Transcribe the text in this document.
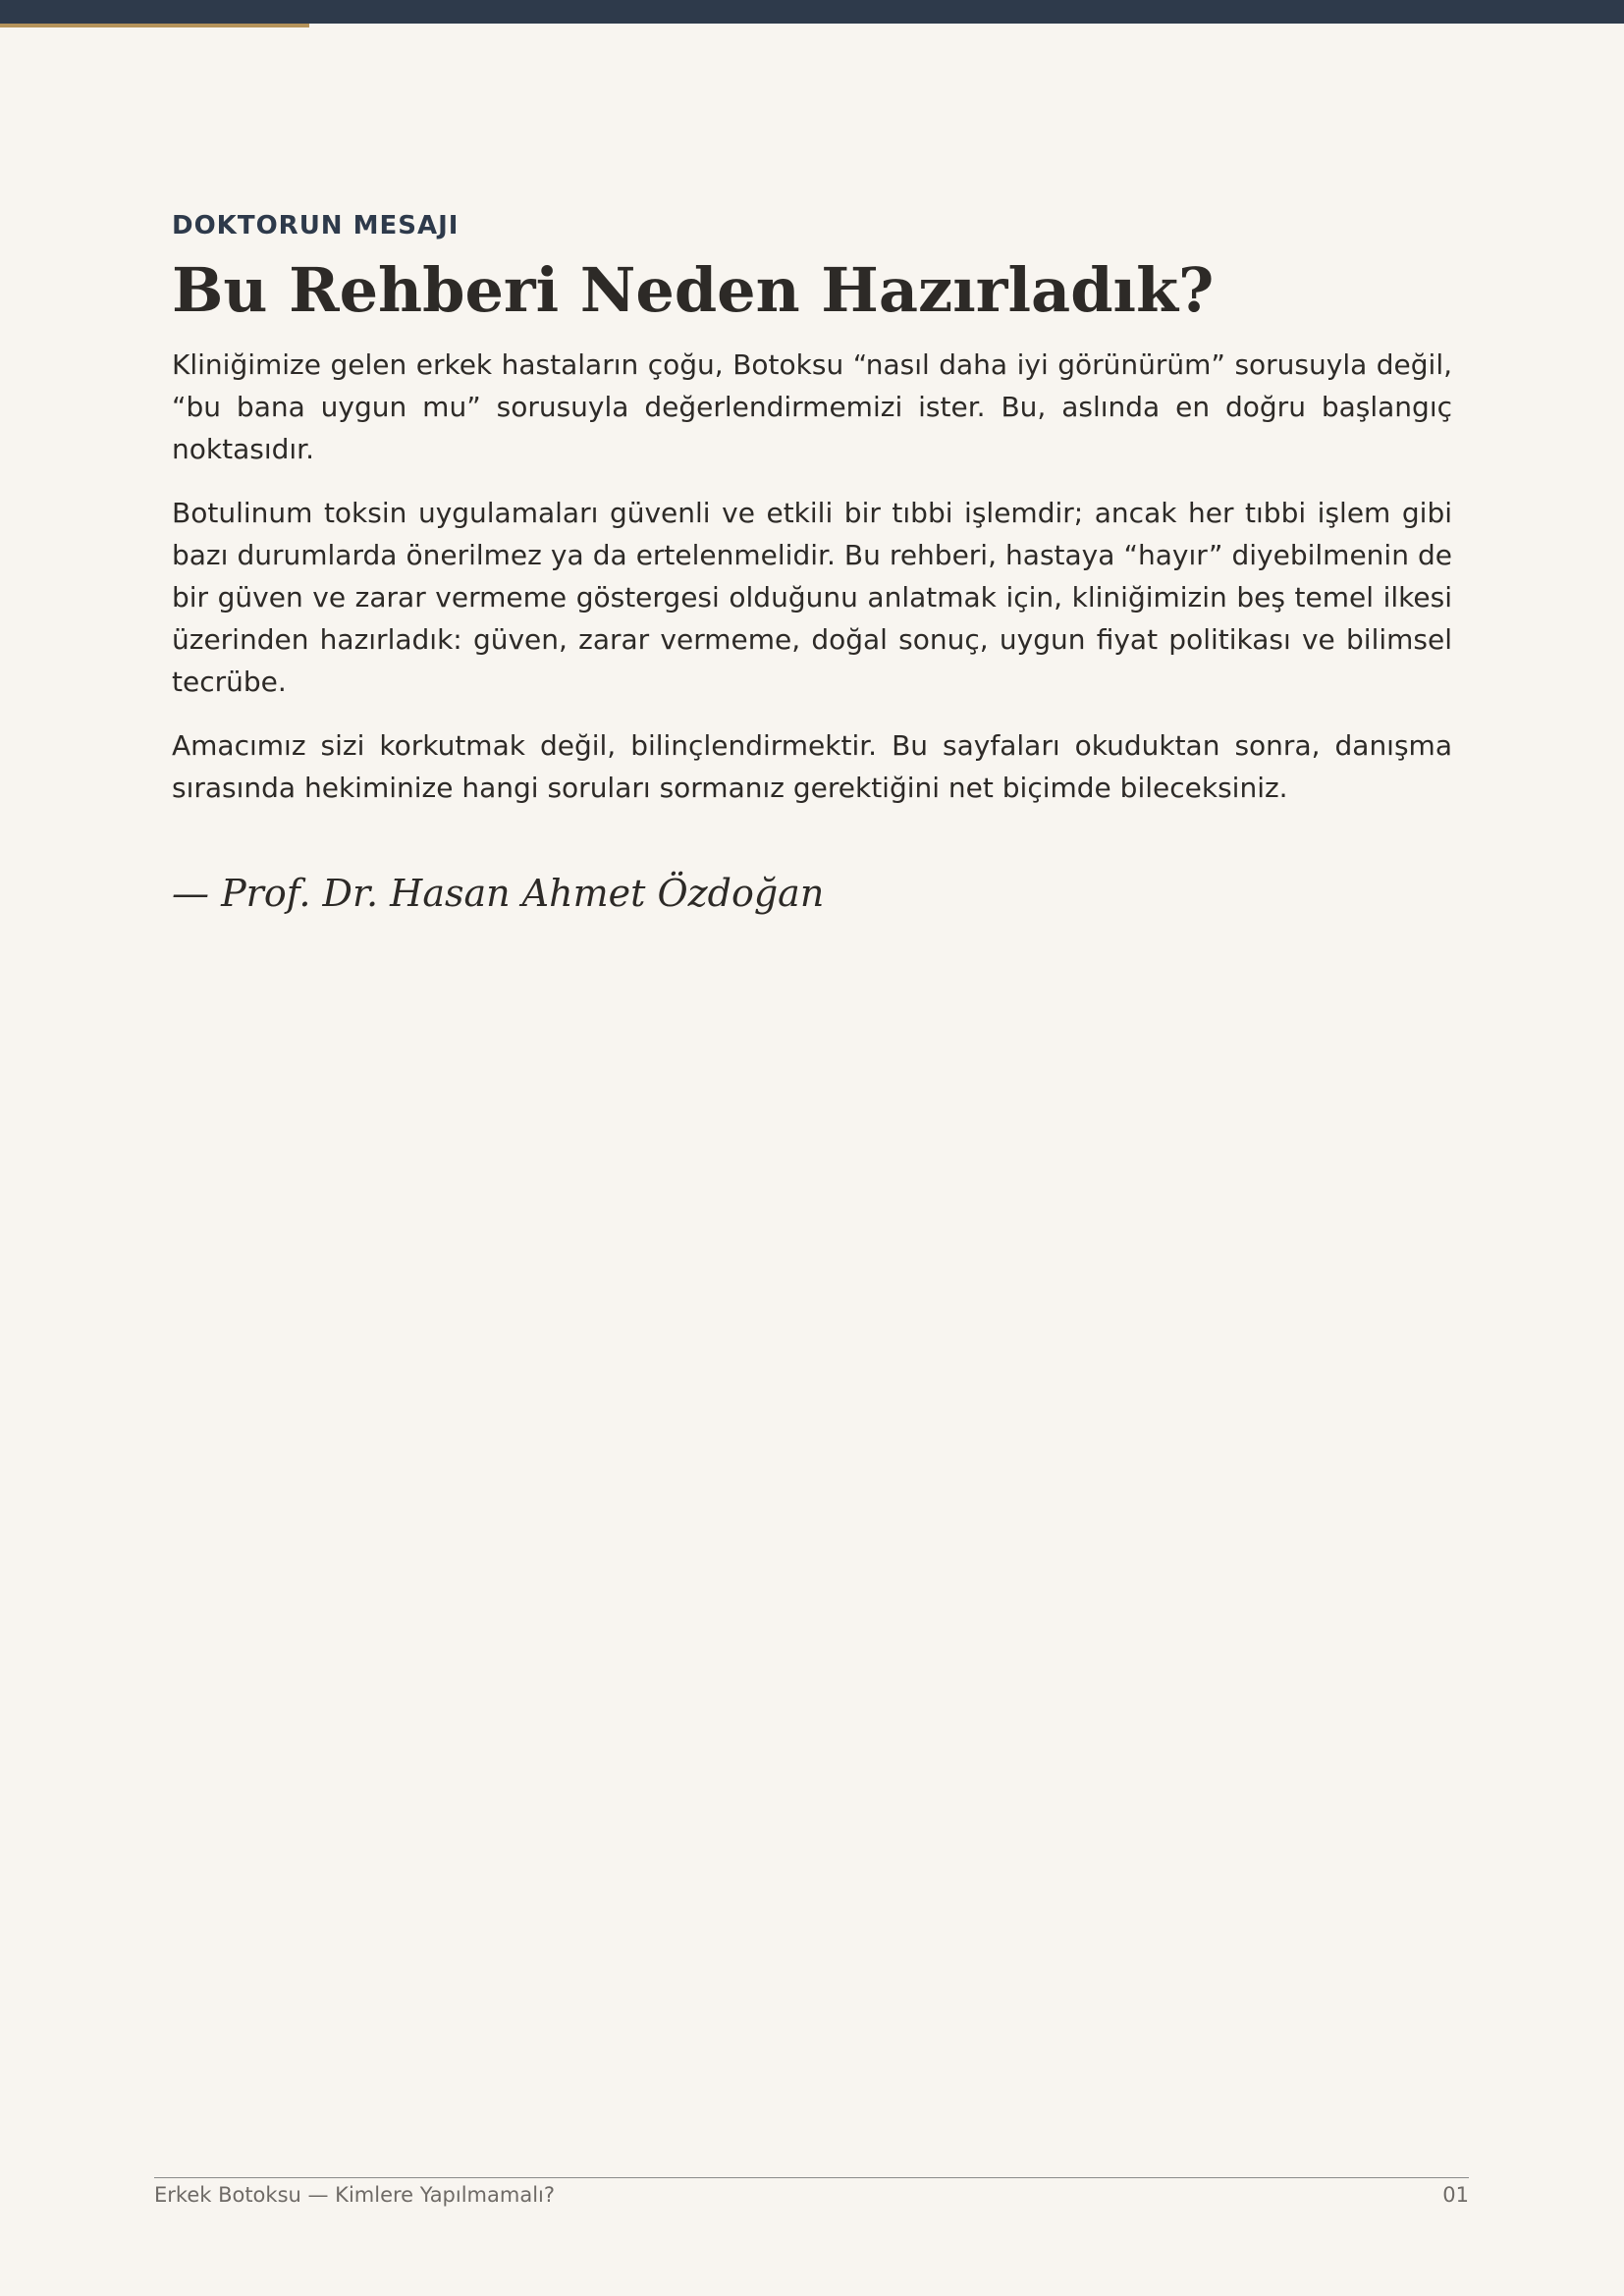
DOKTORUN MESAJI
Bu Rehberi Neden Hazırladık?

Kliniğimize gelen erkek hastaların çoğu, Botoksu “nasıl daha iyi görünürüm” sorusuyla değil, “bu bana uygun mu” sorusuyla değerlendirmemizi ister. Bu, aslında en doğru başlangıç noktasıdır.

Botulinum toksin uygulamaları güvenli ve etkili bir tıbbi işlemdir; ancak her tıbbi işlem gibi bazı durumlarda önerilmez ya da ertelenmelidir. Bu rehberi, hastaya “hayır” diyebilmenin de bir güven ve zarar vermeme göstergesi olduğunu anlatmak için, kliniğimizin beş temel ilkesi üzerinden hazırladık: güven, zarar vermeme, doğal sonuç, uygun fiyat politikası ve bilimsel tecrübe.

Amacımız sizi korkutmak değil, bilinçlendirmektir. Bu sayfaları okuduktan sonra, danışma sırasında hekiminize hangi soruları sormanız gerektiğini net biçimde bileceksiniz.

— Prof. Dr. Hasan Ahmet Özdoğan
Erkek Botoksu — Kimlere Yapılmamalı?	01
